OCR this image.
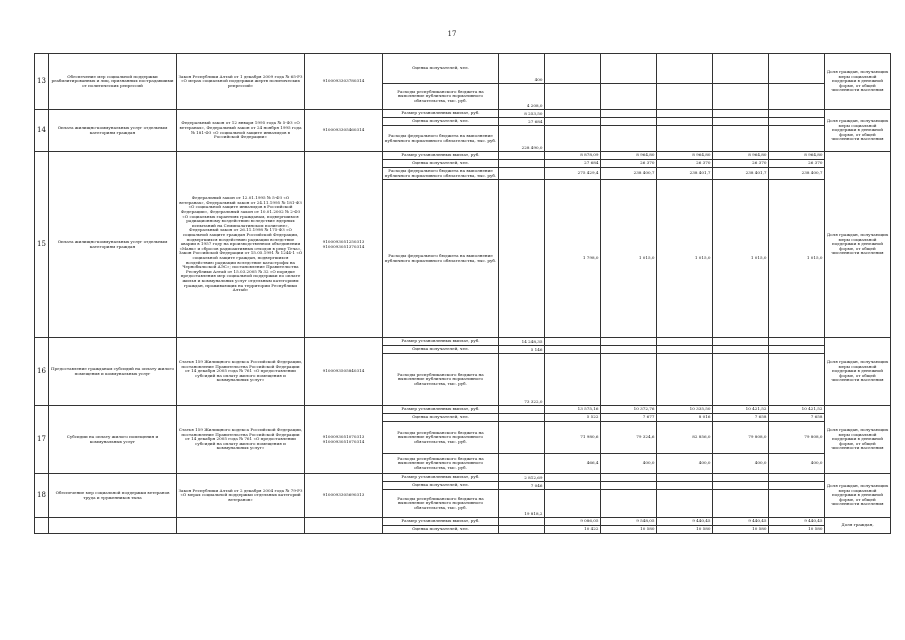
17
13	Обеспечение мер социальной поддержки реабилитированных и лиц, признанных пострадавшими от политических репрессий	Закон Республики Алтай от 1 декабря 2009 года № 65-РЗ «О мерах социальной поддержки жертв политических репрессий»	9100093303780314	Оценка получателей, чел.	400						Доля граждан, получающих меры социальной поддержки в денежной форме, от общей численности населения
				Расходы республиканского бюджета на выполнение публичного нормативного обязательства, тыс. руб.	4 208,0						
14	Оплата жилищно-коммунальных услуг отдельным категориям граждан	Федеральный закон от 12 января 1995 года № 5-ФЗ «О ветеранах», Федеральный закон от 24 ноября 1995 года № 181-ФЗ «О социальной защите инвалидов в Российской Федерации»	9100093305460314	Размер установленных выплат, руб.	8 253,50						Доля граждан, получающих меры социальной поддержки в денежной форме, от общей численности населения
				Оценка получателей, чел.	27 684						
				Расходы федерального бюджета на выполнение публичного нормативного обязательства, тыс. руб.	228 490,0						
15	Оплата жилищно-коммунальных услуг отдельным категориям граждан	Федеральный закон от 12.01.1995 № 5-ФЗ «О ветеранах», Федеральный закон от 24.11.1995 № 181-ФЗ «О социальной защите инвалидов в Российской Федерации», Федеральный закон от 10.01.2002 № 2-ФЗ «О социальных гарантиях гражданам, подвергшимся радиационному воздействию вследствие ядерных испытаний на Семипалатинском полигоне», Федеральный закон от 26.11.1998 № 175-ФЗ «О социальной защите граждан Российской Федерации, подвергшихся воздействию радиации вследствие аварии в 1957 году на производственном объединении «Маяк» и сбросов радиоактивных отходов в реку Теча», Закон Российской Федерации от 15.05.1991 № 1244-1 «О социальной защите граждан, подвергшихся воздействию радиации вследствие катастрофы на Чернобыльской АЭС»; постановление Правительства Республики Алтай от 15.03.2005 № 32 «О порядке предоставления мер социальной поддержки по оплате жилья и коммунальных услуг отдельным категориям граждан, проживающих на территории Республики Алтай»	9100093051250313 9100093051370314	Размер установленных выплат, руб.		8 878,09	8 964,80	8 964,80	8 964,80	8 964,80	Доля граждан, получающих меры социальной поддержки в денежной форме, от общей численности населения
				Оценка получателей, чел.		27 684	26 370	26 370	26 370	26 370	
				Расходы федерального бюджета на выполнение публичного нормативного обязательства, тыс. руб.		275 429,4	238 400,7	238 401,7	238 401,7	238 400,7	
				Расходы федерального бюджета на выполнение публичного нормативного обязательства, тыс. руб.		1 798,0	1 015,0	1 015,0	1 015,0	1 015,0	
16	Предоставление гражданам субсидий на оплату жилого помещения и коммунальных услуг	Статья 159 Жилищного кодекса Российской Федерации, постановление Правительства Российской Федерации от 14 декабря 2005 года № 761 «О предоставлении субсидий на оплату жилого помещения и коммунальных услуг»	9100093505840314	Размер установленных выплат, руб.	14 248,35						Доля граждан, получающих меры социальной поддержки в денежной форме, от общей численности населения
				Оценка получателей, чел.	5 146						
				Расходы республиканского бюджета на выполнение публичного нормативного обязательства, тыс. руб.	73 322,0						
17	Субсидии на оплату жилого помещения и коммунальных услуг	Статья 159 Жилищного кодекса Российской Федерации, постановление Правительства Российской Федерации от 14 декабря 2005 года № 761 «О предоставлении субсидий на оплату жилого помещения и коммунальных услуг»	9100093051070313 9100093051070314	Размер установленных выплат, руб.		13 575,16	10 372,76	10 335,50	10 421,52	10 421,52	Доля граждан, получающих меры социальной поддержки в денежной форме, от общей численности населения
				Оценка получателей, чел.		5 522	7 677	8 016	7 658	7 658	
				Расходы республиканского бюджета на выполнение публичного нормативного обязательства, тыс. руб.		71 980,6	79 324,6	82 856,0	79 808,0	79 808,0	
				Расходы республиканского бюджета на выполнение публичного нормативного обязательства, тыс. руб.		466,4	400,0	400,0	400,0	400,0	
18	Обеспечение мер социальной поддержки ветеранов труда и труженников тыла	Закон Республики Алтай от 2 декабря 2004 года № 79-РЗ «О мерах социальной поддержки отдельных категорий ветеранов»	9100093305690313	Размер установленных выплат, руб.	2 812,69						Доля граждан, получающих меры социальной поддержки в денежной форме, от общей численности населения
				Оценка получателей, чел.	7 046						
				Расходы республиканского бюджета на выполнение публичного нормативного обязательства, тыс. руб.	19 818,2						
				Размер установленных выплат, руб.		9 086,05	9 548,05	9 440,45	9 440,45	9 440,45	Доля граждан,
				Оценка получателей, чел.		10 422	10 580	10 580	10 580	10 580	
